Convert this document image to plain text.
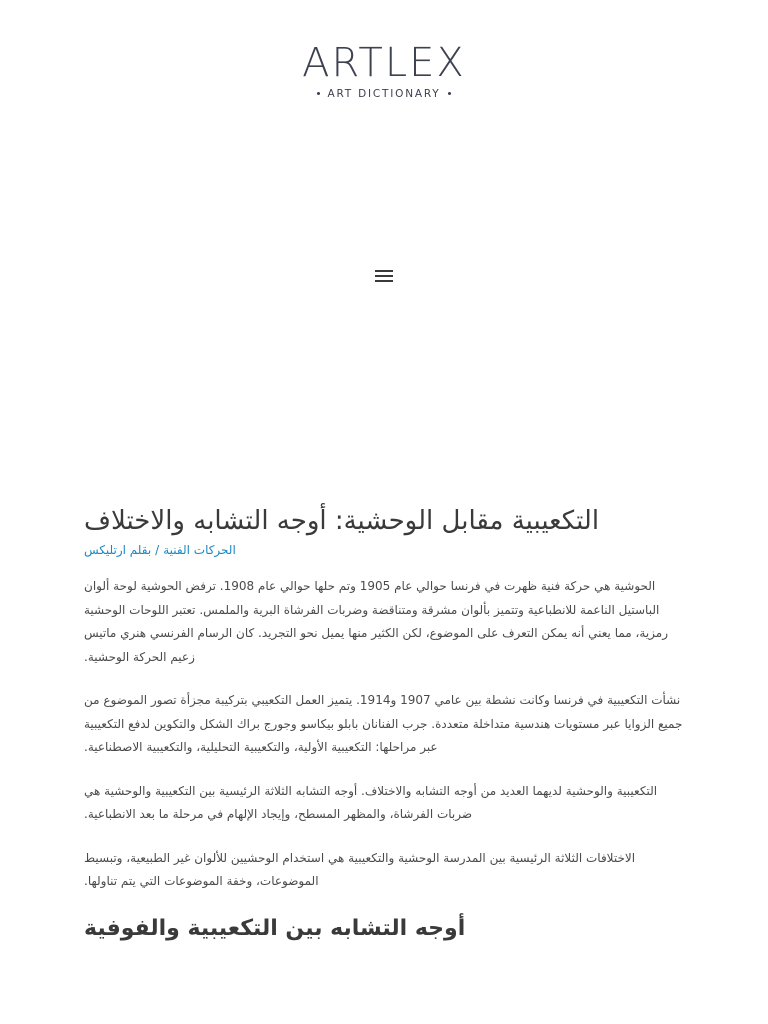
ARTLEX
ART DICTIONARY
التكعيبية مقابل الوحشية: أوجه التشابه والاختلاف
الحركات الفنية/بقلم ارتليكس

الحوشية هي حركة فنية ظهرت في فرنسا حوالي عام 1905 وتم حلها حوالي عام 1908. ترفض الحوشية لوحة ألوان الباستيل الناعمة للانطباعية وتتميز بألوان مشرقة ومتناقضة وضربات الفرشاة البرية والملمس. تعتبر اللوحات الوحشية رمزية، مما يعني أنه يمكن التعرف على الموضوع، لكن الكثير منها يميل نحو التجريد. كان الرسام الفرنسي هنري ماتيس زعيم الحركة الوحشية.

نشأت التكعيبية في فرنسا وكانت نشطة بين عامي 1907 و1914. يتميز العمل التكعيبي بتركيبة مجزأة تصور الموضوع من جميع الزوايا عبر مستويات هندسية متداخلة متعددة. جرب الفنانان بابلو بيكاسو وجورج براك الشكل والتكوين لدفع التكعيبية عبر مراحلها: التكعيبية الأولية، والتكعيبية التحليلية، والتكعيبية الاصطناعية.

التكعيبية والوحشية لديهما العديد من أوجه التشابه والاختلاف. أوجه التشابه الثلاثة الرئيسية بين التكعيبية والوحشية هي ضربات الفرشاة، والمظهر المسطح، وإيجاد الإلهام في مرحلة ما بعد الانطباعية.

الاختلافات الثلاثة الرئيسية بين المدرسة الوحشية والتكعيبية هي استخدام الوحشيين للألوان غير الطبيعية، وتبسيط الموضوعات، وخفة الموضوعات التي يتم تناولها.

أوجه التشابه بين التكعيبية والفوفية
